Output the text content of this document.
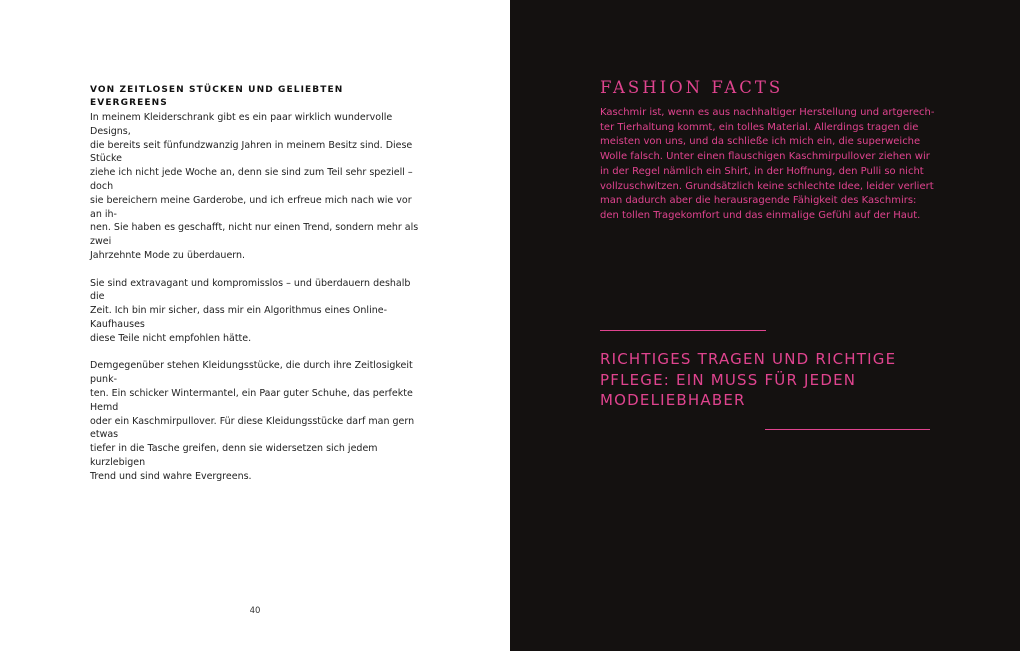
VON ZEITLOSEN STÜCKEN UND GELIEBTEN EVERGREENS

In meinem Kleiderschrank gibt es ein paar wirklich wundervolle Designs,
die bereits seit fünfundzwanzig Jahren in meinem Besitz sind. Diese Stücke
ziehe ich nicht jede Woche an, denn sie sind zum Teil sehr speziell – doch
sie bereichern meine Garderobe, und ich erfreue mich nach wie vor an ih-
nen. Sie haben es geschafft, nicht nur einen Trend, sondern mehr als zwei
Jahrzehnte Mode zu überdauern.

Sie sind extravagant und kompromisslos – und überdauern deshalb die
Zeit. Ich bin mir sicher, dass mir ein Algorithmus eines Online-Kaufhauses
diese Teile nicht empfohlen hätte.

Demgegenüber stehen Kleidungsstücke, die durch ihre Zeitlosigkeit punk-
ten. Ein schicker Wintermantel, ein Paar guter Schuhe, das perfekte Hemd
oder ein Kaschmirpullover. Für diese Kleidungsstücke darf man gern etwas
tiefer in die Tasche greifen, denn sie widersetzen sich jedem kurzlebigen
Trend und sind wahre Evergreens.

40
FASHION FACTS

Kaschmir ist, wenn es aus nachhaltiger Herstellung und artgerech-
ter Tierhaltung kommt, ein tolles Material. Allerdings tragen die
meisten von uns, und da schließe ich mich ein, die superweiche
Wolle falsch. Unter einen flauschigen Kaschmirpullover ziehen wir
in der Regel nämlich ein Shirt, in der Hoffnung, den Pulli so nicht
vollzuschwitzen. Grundsätzlich keine schlechte Idee, leider verliert
man dadurch aber die herausragende Fähigkeit des Kaschmirs:
den tollen Tragekomfort und das einmalige Gefühl auf der Haut.

RICHTIGES TRAGEN UND RICHTIGE
PFLEGE: EIN MUSS FÜR JEDEN
MODELIEBHABER
